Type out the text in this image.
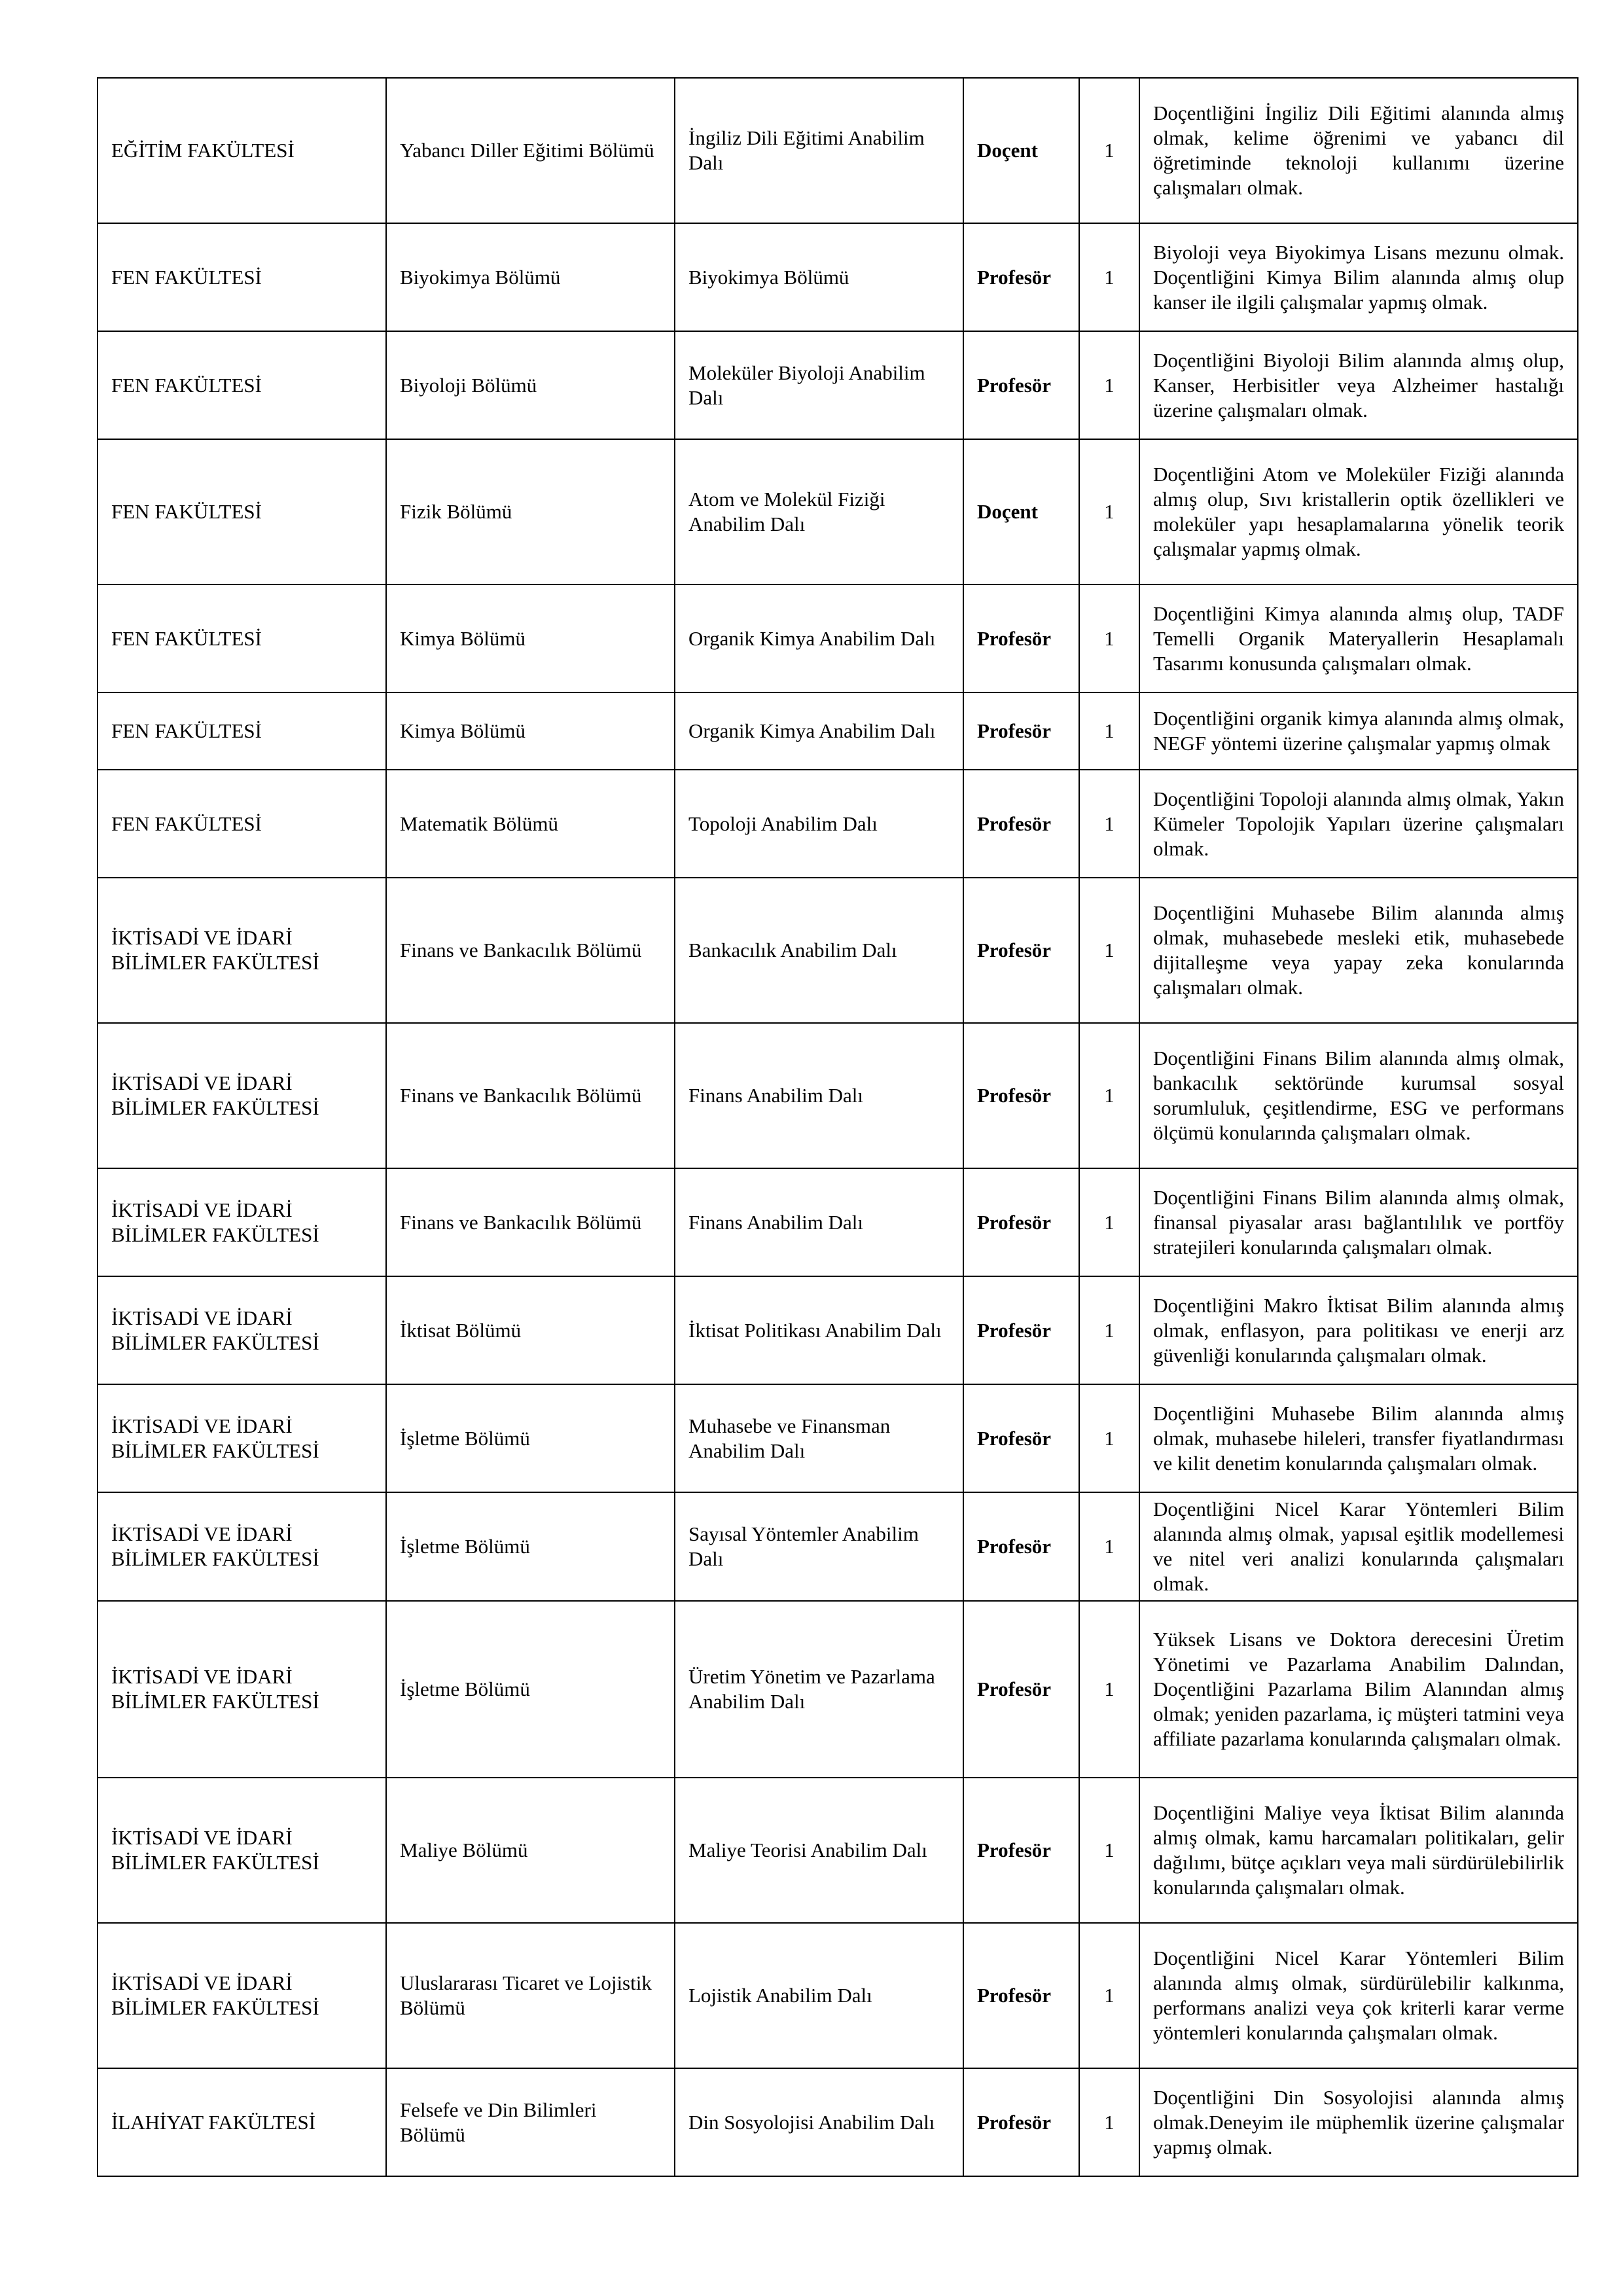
EĞİTİM FAKÜLTESİ	Yabancı Diller Eğitimi Bölümü	İngiliz Dili Eğitimi Anabilim Dalı	Doçent	1	Doçentliğini İngiliz Dili Eğitimi alanında almış olmak, kelime öğrenimi ve yabancı dil öğretiminde teknoloji kullanımı üzerine çalışmaları olmak.
FEN FAKÜLTESİ	Biyokimya Bölümü	Biyokimya Bölümü	Profesör	1	Biyoloji veya Biyokimya Lisans mezunu olmak. Doçentliğini Kimya Bilim alanında almış olup kanser ile ilgili çalışmalar yapmış olmak.
FEN FAKÜLTESİ	Biyoloji Bölümü	Moleküler Biyoloji Anabilim Dalı	Profesör	1	Doçentliğini Biyoloji Bilim alanında almış olup, Kanser, Herbisitler veya Alzheimer hastalığı üzerine çalışmaları olmak.
FEN FAKÜLTESİ	Fizik Bölümü	Atom ve Molekül Fiziği Anabilim Dalı	Doçent	1	Doçentliğini Atom ve Moleküler Fiziği alanında almış olup, Sıvı kristallerin optik özellikleri ve moleküler yapı hesaplamalarına yönelik teorik çalışmalar yapmış olmak.
FEN FAKÜLTESİ	Kimya Bölümü	Organik Kimya Anabilim Dalı	Profesör	1	Doçentliğini Kimya alanında almış olup, TADF Temelli Organik Materyallerin Hesaplamalı Tasarımı konusunda çalışmaları olmak.
FEN FAKÜLTESİ	Kimya Bölümü	Organik Kimya Anabilim Dalı	Profesör	1	Doçentliğini organik kimya alanında almış olmak, NEGF yöntemi üzerine çalışmalar yapmış olmak
FEN FAKÜLTESİ	Matematik Bölümü	Topoloji Anabilim Dalı	Profesör	1	Doçentliğini Topoloji alanında almış olmak, Yakın Kümeler Topolojik Yapıları üzerine çalışmaları olmak.
İKTİSADİ VE İDARİ BİLİMLER FAKÜLTESİ	Finans ve Bankacılık Bölümü	Bankacılık Anabilim Dalı	Profesör	1	Doçentliğini Muhasebe Bilim alanında almış olmak, muhasebede mesleki etik, muhasebede dijitalleşme veya yapay zeka konularında çalışmaları olmak.
İKTİSADİ VE İDARİ BİLİMLER FAKÜLTESİ	Finans ve Bankacılık Bölümü	Finans Anabilim Dalı	Profesör	1	Doçentliğini Finans Bilim alanında almış olmak, bankacılık sektöründe kurumsal sosyal sorumluluk, çeşitlendirme, ESG ve performans ölçümü konularında çalışmaları olmak.
İKTİSADİ VE İDARİ BİLİMLER FAKÜLTESİ	Finans ve Bankacılık Bölümü	Finans Anabilim Dalı	Profesör	1	Doçentliğini Finans Bilim alanında almış olmak, finansal piyasalar arası bağlantılılık ve portföy stratejileri konularında çalışmaları olmak.
İKTİSADİ VE İDARİ BİLİMLER FAKÜLTESİ	İktisat Bölümü	İktisat Politikası Anabilim Dalı	Profesör	1	Doçentliğini Makro İktisat Bilim alanında almış olmak, enflasyon, para politikası ve enerji arz güvenliği konularında çalışmaları olmak.
İKTİSADİ VE İDARİ BİLİMLER FAKÜLTESİ	İşletme Bölümü	Muhasebe ve Finansman Anabilim Dalı	Profesör	1	Doçentliğini Muhasebe Bilim alanında almış olmak, muhasebe hileleri, transfer fiyatlandırması ve kilit denetim konularında çalışmaları olmak.
İKTİSADİ VE İDARİ BİLİMLER FAKÜLTESİ	İşletme Bölümü	Sayısal Yöntemler Anabilim Dalı	Profesör	1	Doçentliğini Nicel Karar Yöntemleri Bilim alanında almış olmak, yapısal eşitlik modellemesi ve nitel veri analizi konularında çalışmaları olmak.
İKTİSADİ VE İDARİ BİLİMLER FAKÜLTESİ	İşletme Bölümü	Üretim Yönetim ve Pazarlama Anabilim Dalı	Profesör	1	Yüksek Lisans ve Doktora derecesini Üretim Yönetimi ve Pazarlama Anabilim Dalından, Doçentliğini Pazarlama Bilim Alanından almış olmak; yeniden pazarlama, iç müşteri tatmini veya affiliate pazarlama konularında çalışmaları olmak.
İKTİSADİ VE İDARİ BİLİMLER FAKÜLTESİ	Maliye Bölümü	Maliye Teorisi Anabilim Dalı	Profesör	1	Doçentliğini Maliye veya İktisat Bilim alanında almış olmak, kamu harcamaları politikaları, gelir dağılımı, bütçe açıkları veya mali sürdürülebilirlik konularında çalışmaları olmak.
İKTİSADİ VE İDARİ BİLİMLER FAKÜLTESİ	Uluslararası Ticaret ve Lojistik Bölümü	Lojistik Anabilim Dalı	Profesör	1	Doçentliğini Nicel Karar Yöntemleri Bilim alanında almış olmak, sürdürülebilir kalkınma, performans analizi veya çok kriterli karar verme yöntemleri konularında çalışmaları olmak.
İLAHİYAT FAKÜLTESİ	Felsefe ve Din Bilimleri Bölümü	Din Sosyolojisi Anabilim Dalı	Profesör	1	Doçentliğini Din Sosyolojisi alanında almış olmak.Deneyim ile müphemlik üzerine çalışmalar yapmış olmak.
